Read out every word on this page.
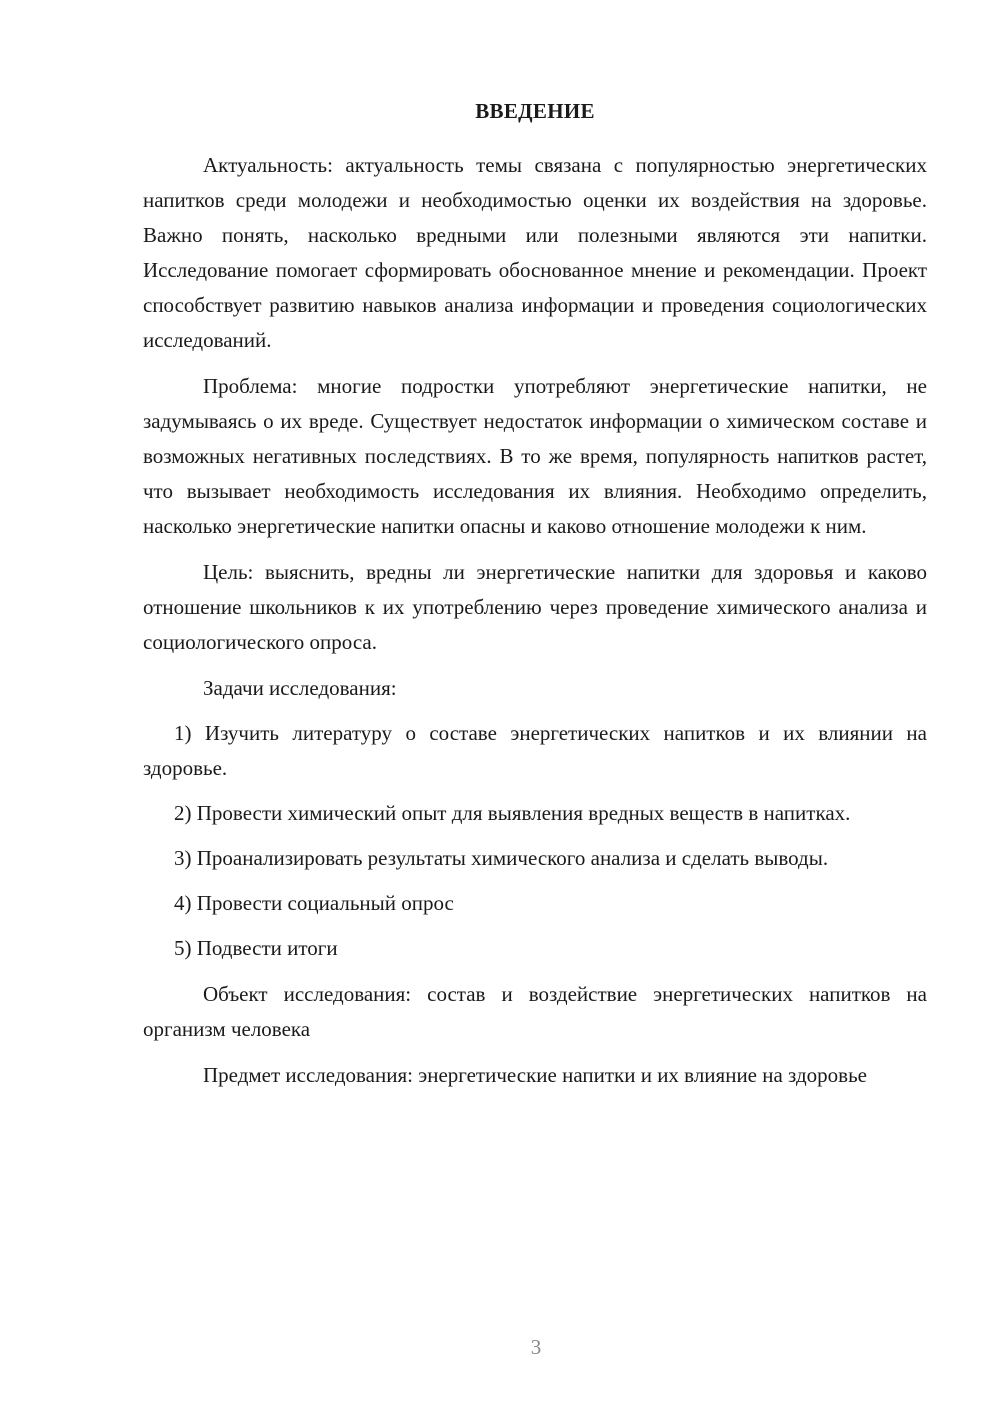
ВВЕДЕНИЕ

Актуальность: актуальность темы связана с популярностью энергетических напитков среди молодежи и необходимостью оценки их воздействия на здоровье. Важно понять, насколько вредными или полезными являются эти напитки. Исследование помогает сформировать обоснованное мнение и рекомендации. Проект способствует развитию навыков анализа информации и проведения социологических исследований.

Проблема: многие подростки употребляют энергетические напитки, не задумываясь о их вреде. Существует недостаток информации о химическом составе и возможных негативных последствиях. В то же время, популярность напитков растет, что вызывает необходимость исследования их влияния. Необходимо определить, насколько энергетические напитки опасны и каково отношение молодежи к ним.

Цель: выяснить, вредны ли энергетические напитки для здоровья и каково отношение школьников к их употреблению через проведение химического анализа и социологического опроса.

Задачи исследования:

1) Изучить литературу о составе энергетических напитков и их влиянии на здоровье.
2) Провести химический опыт для выявления вредных веществ в напитках.
3) Проанализировать результаты химического анализа и сделать выводы.
4) Провести социальный опрос
5) Подвести итоги

Объект исследования: состав и воздействие энергетических напитков на организм человека

Предмет исследования: энергетические напитки и их влияние на здоровье

3
